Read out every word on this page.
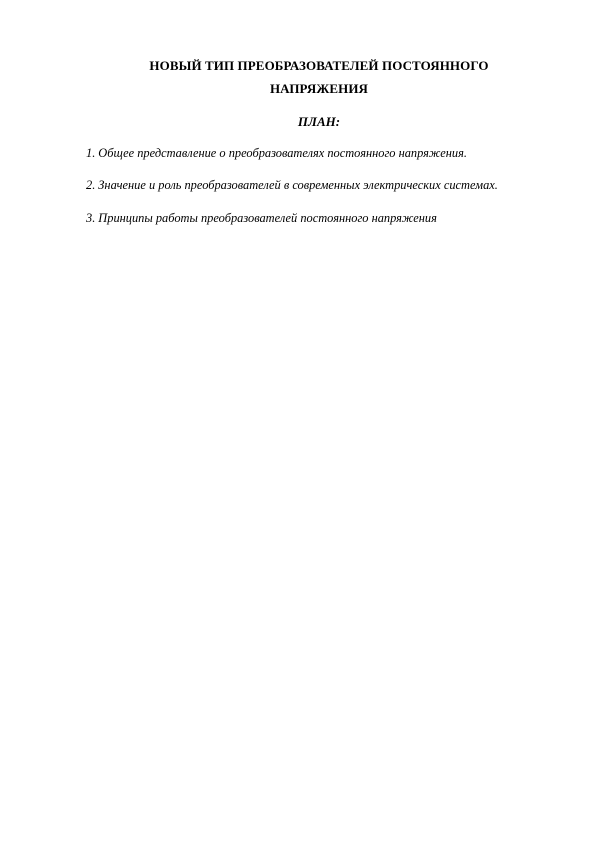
НОВЫЙ ТИП ПРЕОБРАЗОВАТЕЛЕЙ ПОСТОЯННОГО
НАПРЯЖЕНИЯ
ПЛАН:
1. Общее представление о преобразователях постоянного напряжения.
2. Значение и роль преобразователей в современных электрических системах.
3. Принципы работы преобразователей постоянного напряжения
